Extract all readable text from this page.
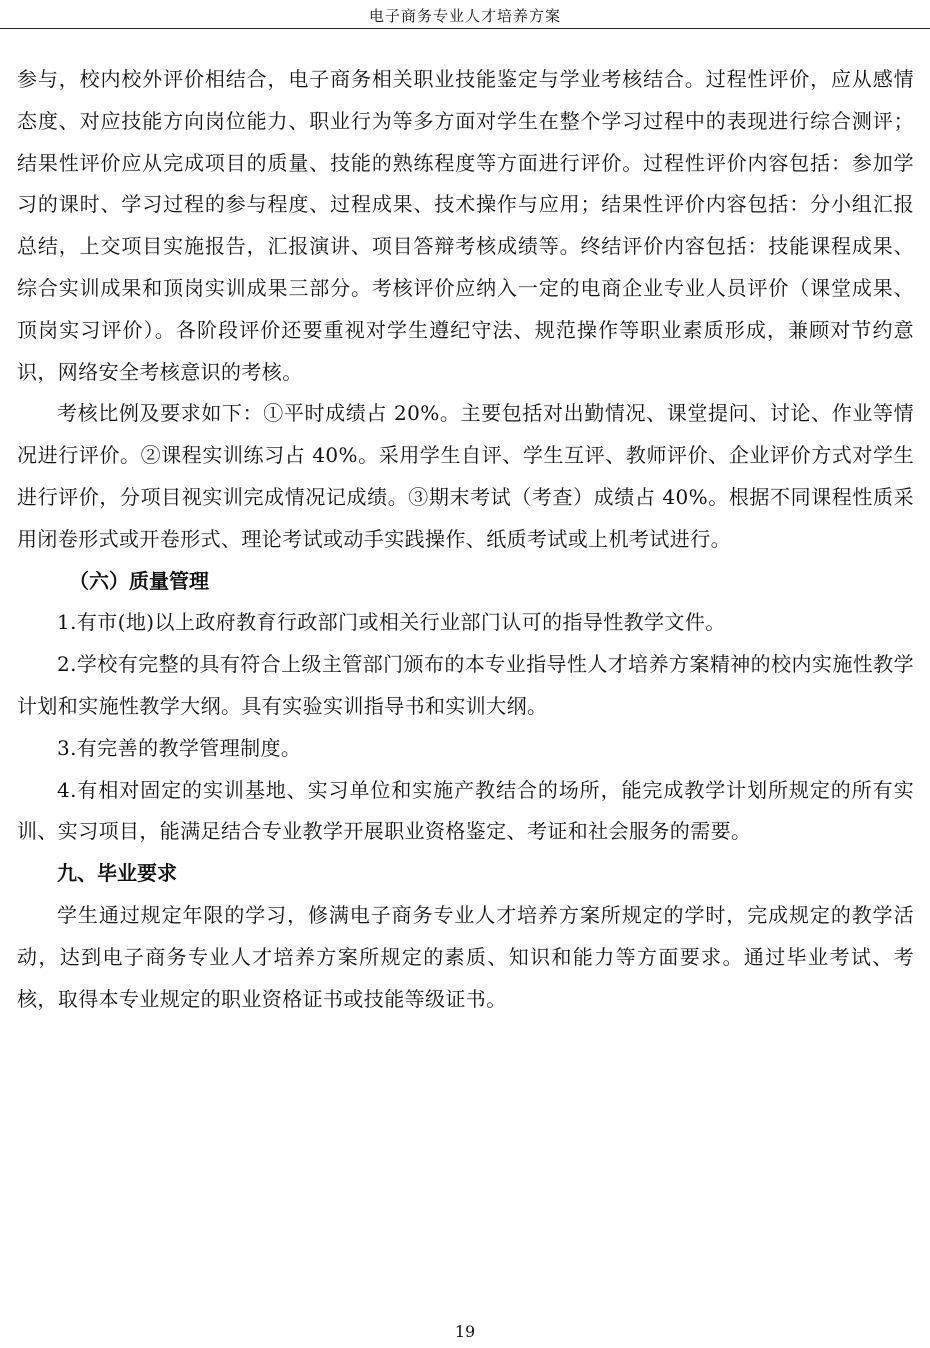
电子商务专业人才培养方案

参与，校内校外评价相结合，电子商务相关职业技能鉴定与学业考核结合。过程性评价，应从感情态度、对应技能方向岗位能力、职业行为等多方面对学生在整个学习过程中的表现进行综合测评；结果性评价应从完成项目的质量、技能的熟练程度等方面进行评价。过程性评价内容包括：参加学习的课时、学习过程的参与程度、过程成果、技术操作与应用；结果性评价内容包括：分小组汇报总结，上交项目实施报告，汇报演讲、项目答辩考核成绩等。终结评价内容包括：技能课程成果、综合实训成果和顶岗实训成果三部分。考核评价应纳入一定的电商企业专业人员评价（课堂成果、顶岗实习评价）。各阶段评价还要重视对学生遵纪守法、规范操作等职业素质形成，兼顾对节约意识，网络安全考核意识的考核。

考核比例及要求如下：①平时成绩占 20%。主要包括对出勤情况、课堂提问、讨论、作业等情况进行评价。②课程实训练习占 40%。采用学生自评、学生互评、教师评价、企业评价方式对学生进行评价，分项目视实训完成情况记成绩。③期末考试（考查）成绩占 40%。根据不同课程性质采用闭卷形式或开卷形式、理论考试或动手实践操作、纸质考试或上机考试进行。

（六）质量管理

1.有市(地)以上政府教育行政部门或相关行业部门认可的指导性教学文件。

2.学校有完整的具有符合上级主管部门颁布的本专业指导性人才培养方案精神的校内实施性教学计划和实施性教学大纲。具有实验实训指导书和实训大纲。

3.有完善的教学管理制度。

4.有相对固定的实训基地、实习单位和实施产教结合的场所，能完成教学计划所规定的所有实训、实习项目，能满足结合专业教学开展职业资格鉴定、考证和社会服务的需要。

九、毕业要求

学生通过规定年限的学习，修满电子商务专业人才培养方案所规定的学时，完成规定的教学活动，达到电子商务专业人才培养方案所规定的素质、知识和能力等方面要求。通过毕业考试、考核，取得本专业规定的职业资格证书或技能等级证书。

19
